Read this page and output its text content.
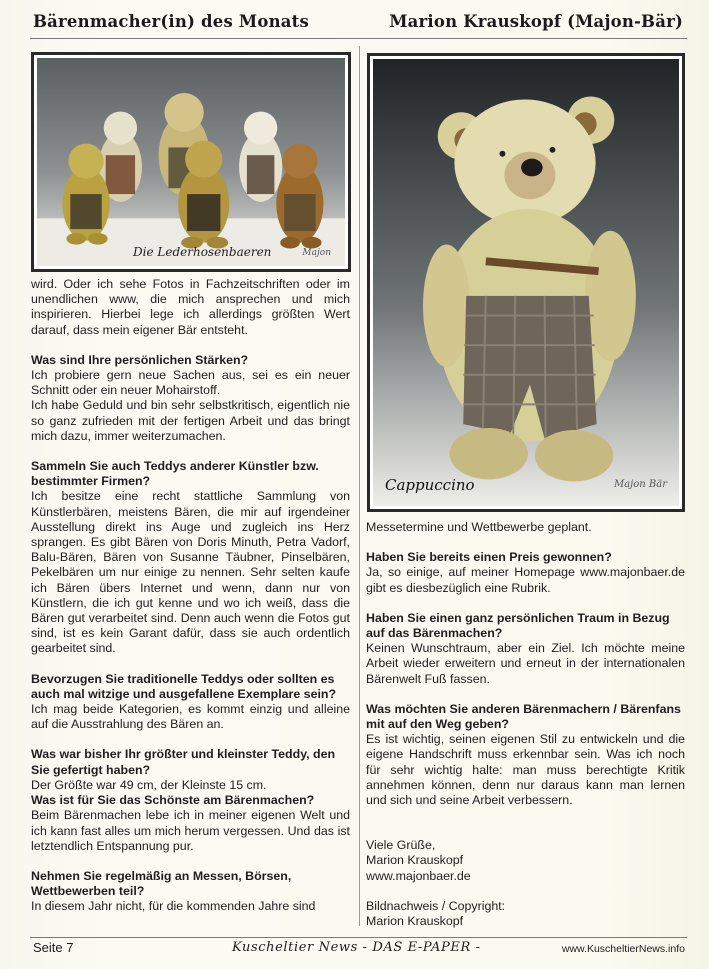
Bärenmacher(in) des Monats	Marion Krauskopf (Majon-Bär)
Die Lederhosenbaeren	Majon
Cappuccino	Majon Bär

wird. Oder ich sehe Fotos in Fachzeitschriften oder im unendlichen www, die mich ansprechen und mich inspirieren. Hierbei lege ich allerdings größten Wert darauf, dass mein eigener Bär entsteht.

Was sind Ihre persönlichen Stärken?

Ich probiere gern neue Sachen aus, sei es ein neuer Schnitt oder ein neuer Mohairstoff.

Ich habe Geduld und bin sehr selbstkritisch, eigentlich nie so ganz zufrieden mit der fertigen Arbeit und das bringt mich dazu, immer weiterzumachen.

Sammeln Sie auch Teddys anderer Künstler bzw. bestimmter Firmen?

Ich besitze eine recht stattliche Sammlung von Künstlerbären, meistens Bären, die mir auf irgendeiner Ausstellung direkt ins Auge und zugleich ins Herz sprangen. Es gibt Bären von Doris Minuth, Petra Vadorf, Balu-Bären, Bären von Susanne Täubner, Pinselbären, Pekelbären um nur einige zu nennen. Sehr selten kaufe ich Bären übers Internet und wenn, dann nur von Künstlern, die ich gut kenne und wo ich weiß, dass die Bären gut verarbeitet sind. Denn auch wenn die Fotos gut sind, ist es kein Garant dafür, dass sie auch ordentlich gearbeitet sind.

Bevorzugen Sie traditionelle Teddys oder sollten es auch mal witzige und ausgefallene Exemplare sein?

Ich mag beide Kategorien, es kommt einzig und alleine auf die Ausstrahlung des Bären an.

Was war bisher Ihr größter und kleinster Teddy, den Sie gefertigt haben?

Der Größte war 49 cm, der Kleinste 15 cm.

Was ist für Sie das Schönste am Bärenmachen?

Beim Bärenmachen lebe ich in meiner eigenen Welt und ich kann fast alles um mich herum vergessen. Und das ist letztendlich Entspannung pur.

Nehmen Sie regelmäßig an Messen, Börsen, Wettbewerben teil?

In diesem Jahr nicht, für die kommenden Jahre sind

Messetermine und Wettbewerbe geplant.

Haben Sie bereits einen Preis gewonnen?

Ja, so einige, auf meiner Homepage www.majonbaer.de gibt es diesbezüglich eine Rubrik.

Haben Sie einen ganz persönlichen Traum in Bezug auf das Bärenmachen?

Keinen Wunschtraum, aber ein Ziel. Ich möchte meine Arbeit wieder erweitern und erneut in der internationalen Bärenwelt Fuß fassen.

Was möchten Sie anderen Bärenmachern / Bärenfans mit auf den Weg geben?

Es ist wichtig, seinen eigenen Stil zu entwickeln und die eigene Handschrift muss erkennbar sein. Was ich noch für sehr wichtig halte: man muss berechtigte Kritik annehmen können, denn nur daraus kann man lernen und sich und seine Arbeit verbessern.

Viele Grüße,
Marion Krauskopf
www.majonbaer.de
Bildnachweis / Copyright:
Marion Krauskopf
Seite 7	Kuscheltier News - DAS E-PAPER -	www.KuscheltierNews.info
